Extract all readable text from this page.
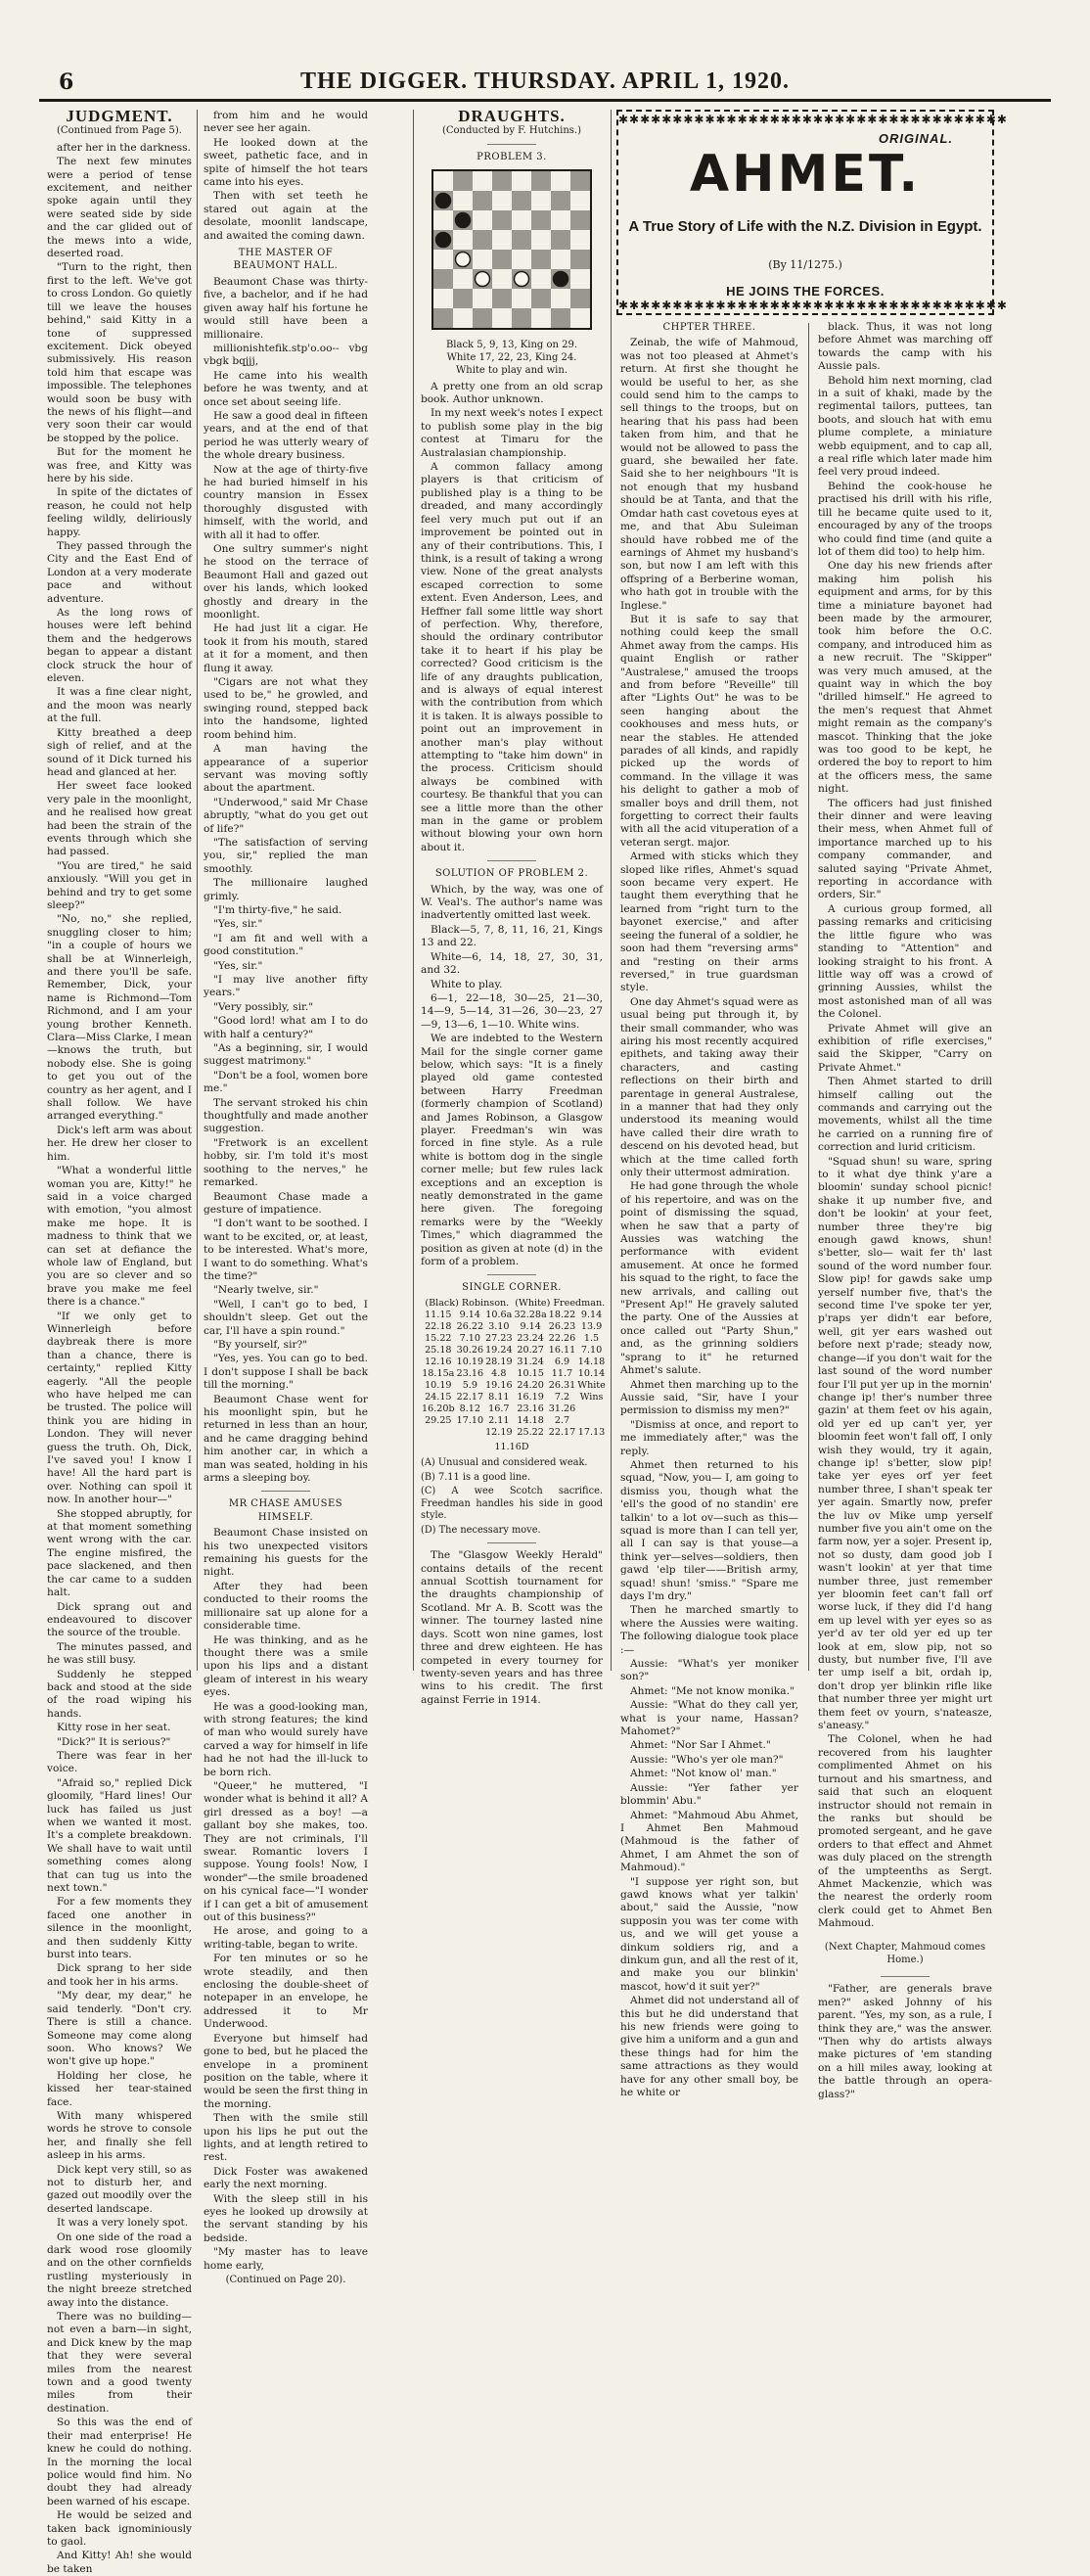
6	THE DIGGER. THURSDAY. APRIL 1, 1920.
JUDGMENT.
(Continued from Page 5).

after her in the darkness.

The next few minutes were a period of tense excitement, and neither spoke again until they were seated side by side and the car glided out of the mews into a wide, deserted road.

"Turn to the right, then first to the left. We've got to cross London. Go quietly till we leave the houses behind," said Kitty in a tone of suppressed excitement. Dick obeyed submissively. His reason told him that escape was impossible. The telephones would soon be busy with the news of his flight—and very soon their car would be stopped by the police.

But for the moment he was free, and Kitty was here by his side.

In spite of the dictates of reason, he could not help feeling wildly, deliriously happy.

They passed through the City and the East End of London at a very moderate pace and without adventure.

As the long rows of houses were left behind them and the hedgerows began to appear a distant clock struck the hour of eleven.

It was a fine clear night, and the moon was nearly at the full.

Kitty breathed a deep sigh of relief, and at the sound of it Dick turned his head and glanced at her.

Her sweet face looked very pale in the moonlight, and he realised how great had been the strain of the events through which she had passed.

"You are tired," he said anxiously. "Will you get in behind and try to get some sleep?"

"No, no," she replied, snuggling closer to him; "in a couple of hours we shall be at Winnerleigh, and there you'll be safe. Remember, Dick, your name is Richmond—Tom Richmond, and I am your young brother Kenneth. Clara—Miss Clarke, I mean—knows the truth, but nobody else. She is going to get you out of the country as her agent, and I shall follow. We have arranged everything."

Dick's left arm was about her. He drew her closer to him.

"What a wonderful little woman you are, Kitty!" he said in a voice charged with emotion, "you almost make me hope. It is madness to think that we can set at defiance the whole law of England, but you are so clever and so brave you make me feel there is a chance."

"If we only get to Winnerleigh before daybreak there is more than a chance, there is certainty," replied Kitty eagerly. "All the people who have helped me can be trusted. The police will think you are hiding in London. They will never guess the truth. Oh, Dick, I've saved you! I know I have! All the hard part is over. Nothing can spoil it now. In another hour—"

She stopped abruptly, for at that moment something went wrong with the car. The engine misfired, the pace slackened, and then the car came to a sudden halt.

Dick sprang out and endeavoured to discover the source of the trouble.

The minutes passed, and he was still busy.

Suddenly he stepped back and stood at the side of the road wiping his hands.

Kitty rose in her seat.

"Dick?" It is serious?"

There was fear in her voice.

"Afraid so," replied Dick gloomily, "Hard lines! Our luck has failed us just when we wanted it most. It's a complete breakdown. We shall have to wait until something comes along that can tug us into the next town."

For a few moments they faced one another in silence in the moonlight, and then suddenly Kitty burst into tears.

Dick sprang to her side and took her in his arms.

"My dear, my dear," he said tenderly. "Don't cry. There is still a chance. Someone may come along soon. Who knows? We won't give up hope."

Holding her close, he kissed her tear-stained face.

With many whispered words he strove to console her, and finally she fell asleep in his arms.

Dick kept very still, so as not to disturb her, and gazed out moodily over the deserted landscape.

It was a very lonely spot.

On one side of the road a dark wood rose gloomily and on the other cornfields rustling mysteriously in the night breeze stretched away into the distance.

There was no building—not even a barn—in sight, and Dick knew by the map that they were several miles from the nearest town and a good twenty miles from their destination.

So this was the end of their mad enterprise! He knew he could do nothing. In the morning the local police would find him. No doubt they had already been warned of his escape.

He would be seized and taken back ignominiously to gaol.

And Kitty! Ah! she would be taken

from him and he would never see her again.

He looked down at the sweet, pathetic face, and in spite of himself the hot tears came into his eyes.

Then with set teeth he stared out again at the desolate, moonlit landscape, and awaited the coming dawn.

THE MASTER OF BEAUMONT HALL.

Beaumont Chase was thirty-five, a bachelor, and if he had given away half his fortune he would still have been a millionaire.

millionishtefik.stp'o.oo-- vbg vbgk bqjjj,

He came into his wealth before he was twenty, and at once set about seeing life.

He saw a good deal in fifteen years, and at the end of that period he was utterly weary of the whole dreary business.

Now at the age of thirty-five he had buried himself in his country mansion in Essex thoroughly disgusted with himself, with the world, and with all it had to offer.

One sultry summer's night he stood on the terrace of Beaumont Hall and gazed out over his lands, which looked ghostly and dreary in the moonlight.

He had just lit a cigar. He took it from his mouth, stared at it for a moment, and then flung it away.

"Cigars are not what they used to be," he growled, and swinging round, stepped back into the handsome, lighted room behind him.

A man having the appearance of a superior servant was moving softly about the apartment.

"Underwood," said Mr Chase abruptly, "what do you get out of life?"

"The satisfaction of serving you, sir," replied the man smoothly.

The millionaire laughed grimly.

"I'm thirty-five," he said.

"Yes, sir."

"I am fit and well with a good constitution."

"Yes, sir."

"I may live another fifty years."

"Very possibly, sir."

"Good lord! what am I to do with half a century?"

"As a beginning, sir, I would suggest matrimony."

"Don't be a fool, women bore me."

The servant stroked his chin thoughtfully and made another suggestion.

"Fretwork is an excellent hobby, sir. I'm told it's most soothing to the nerves," he remarked.

Beaumont Chase made a gesture of impatience.

"I don't want to be soothed. I want to be excited, or, at least, to be interested. What's more, I want to do something. What's the time?"

"Nearly twelve, sir."

"Well, I can't go to bed, I shouldn't sleep. Get out the car, I'll have a spin round."

"By yourself, sir?"

"Yes, yes. You can go to bed. I don't suppose I shall be back till the morning."

Beaumont Chase went for his moonlight spin, but he returned in less than an hour, and he came dragging behind him another car, in which a man was seated, holding in his arms a sleeping boy.

MR CHASE AMUSES HIMSELF.

Beaumont Chase insisted on his two unexpected visitors remaining his guests for the night.

After they had been conducted to their rooms the millionaire sat up alone for a considerable time.

He was thinking, and as he thought there was a smile upon his lips and a distant gleam of interest in his weary eyes.

He was a good-looking man, with strong features; the kind of man who would surely have carved a way for himself in life had he not had the ill-luck to be born rich.

"Queer," he muttered, "I wonder what is behind it all? A girl dressed as a boy! —a gallant boy she makes, too. They are not criminals, I'll swear. Romantic lovers I suppose. Young fools! Now, I wonder"—the smile broadened on his cynical face—"I wonder if I can get a bit of amusement out of this business?"

He arose, and going to a writing-table, began to write.

For ten minutes or so he wrote steadily, and then enclosing the double-sheet of notepaper in an envelope, he addressed it to Mr Underwood.

Everyone but himself had gone to bed, but he placed the envelope in a prominent position on the table, where it would be seen the first thing in the morning.

Then with the smile still upon his lips he put out the lights, and at length retired to rest.

Dick Foster was awakened early the next morning.

With the sleep still in his eyes he looked up drowsily at the servant standing by his bedside.

"My master has to leave home early,

(Continued on Page 20).
DRAUGHTS.
(Conducted by F. Hutchins.)
PROBLEM 3.
Black 5, 9, 13, King on 29.
White 17, 22, 23, King 24.
White to play and win.

A pretty one from an old scrap book. Author unknown.

In my next week's notes I expect to publish some play in the big contest at Timaru for the Australasian championship.

A common fallacy among players is that criticism of published play is a thing to be dreaded, and many accordingly feel very much put out if an improvement be pointed out in any of their contributions. This, I think, is a result of taking a wrong view. None of the great analysts escaped correction to some extent. Even Anderson, Lees, and Heffner fall some little way short of perfection. Why, therefore, should the ordinary contributor take it to heart if his play be corrected? Good criticism is the life of any draughts publication, and is always of equal interest with the contribution from which it is taken. It is always possible to point out an improvement in another man's play without attempting to "take him down" in the process. Criticism should always be combined with courtesy. Be thankful that you can see a little more than the other man in the game or problem without blowing your own horn about it.

SOLUTION OF PROBLEM 2.

Which, by the way, was one of W. Veal's. The author's name was inadvertently omitted last week.

Black—5, 7, 8, 11, 16, 21, Kings 13 and 22.

White—6, 14, 18, 27, 30, 31, and 32.

White to play.

6—1, 22—18, 30—25, 21—30, 14—9, 5—14, 31—26, 30—23, 27—9, 13—6, 1—10. White wins.

We are indebted to the Western Mail for the single corner game below, which says: "It is a finely played old game contested between Harry Freedman (formerly champion of Scotland) and James Robinson, a Glasgow player. Freedman's win was forced in fine style. As a rule white is bottom dog in the single corner melle; but few rules lack exceptions and an exception is neatly demonstrated in the game here given. The foregoing remarks were by the "Weekly Times," which diagrammed the position as given at note (d) in the form of a problem.

SINGLE CORNER.
(Black) Robinson.			(White) Freedman.		
11.15	9.14	10.6a	32.28a	18.22	9.14
22.18	26.22	3.10	9.14	26.23	13.9
15.22	7.10	27.23	23.24	22.26	1.5
25.18	30.26	19.24	20.27	16.11	7.10
12.16	10.19	28.19	31.24	6.9	14.18
18.15a	23.16	4.8	10.15	11.7	10.14
10.19	5.9	19.16	24.20	26.31	White
24.15	22.17	8.11	16.19	7.2	Wins
16.20b	8.12	16.7	23.16	31.26	
29.25	17.10	2.11	14.18	2.7	
		12.19	25.22	22.17	17.13
11.16D
(A) Unusual and considered weak.
(B) 7.11 is a good line.
(C) A wee Scotch sacrifice. Freedman handles his side in good style.
(D) The necessary move.

The "Glasgow Weekly Herald" contains details of the recent annual Scottish tournament for the draughts championship of Scotland. Mr A. B. Scott was the winner. The tourney lasted nine days. Scott won nine games, lost three and drew eighteen. He has competed in every tourney for twenty-seven years and has three wins to his credit. The first against Ferrie in 1914.

✱✱✱✱✱✱✱✱✱✱✱✱✱✱✱✱✱✱✱✱✱✱✱✱✱✱✱✱✱✱✱✱✱✱✱✱
ORIGINAL.
AHMET.
A True Story of Life with the N.Z. Division in Egypt.
(By 11/1275.)
HE JOINS THE FORCES.
✱✱✱✱✱✱✱✱✱✱✱✱✱✱✱✱✱✱✱✱✱✱✱✱✱✱✱✱✱✱✱✱✱✱✱✱
CHPTER THREE.

Zeinab, the wife of Mahmoud, was not too pleased at Ahmet's return. At first she thought he would be useful to her, as she could send him to the camps to sell things to the troops, but on hearing that his pass had been taken from him, and that he would not be allowed to pass the guard, she bewailed her fate. Said she to her neighbours "It is not enough that my husband should be at Tanta, and that the Omdar hath cast covetous eyes at me, and that Abu Suleiman should have robbed me of the earnings of Ahmet my husband's son, but now I am left with this offspring of a Berberine woman, who hath got in trouble with the Inglese."

But it is safe to say that nothing could keep the small Ahmet away from the camps. His quaint English or rather "Australese," amused the troops and from before "Reveille" till after "Lights Out" he was to be seen hanging about the cookhouses and mess huts, or near the stables. He attended parades of all kinds, and rapidly picked up the words of command. In the village it was his delight to gather a mob of smaller boys and drill them, not forgetting to correct their faults with all the acid vituperation of a veteran sergt. major.

Armed with sticks which they sloped like rifles, Ahmet's squad soon became very expert. He taught them everything that he learned from "right turn to the bayonet exercise," and after seeing the funeral of a soldier, he soon had them "reversing arms" and "resting on their arms reversed," in true guardsman style.

One day Ahmet's squad were as usual being put through it, by their small commander, who was airing his most recently acquired epithets, and taking away their characters, and casting reflections on their birth and parentage in general Australese, in a manner that had they only understood its meaning would have called their dire wrath to descend on his devoted head, but which at the time called forth only their uttermost admiration.

He had gone through the whole of his repertoire, and was on the point of dismissing the squad, when he saw that a party of Aussies was watching the performance with evident amusement. At once he formed his squad to the right, to face the new arrivals, and calling out "Present Ap!" He gravely saluted the party. One of the Aussies at once called out "Party Shun," and, as the grinning soldiers "sprang to it" he returned Ahmet's salute.

Ahmet then marching up to the Aussie said, "Sir, have I your permission to dismiss my men?"

"Dismiss at once, and report to me immediately after," was the reply.

Ahmet then returned to his squad, "Now, you— I, am going to dismiss you, though what the 'ell's the good of no standin' ere talkin' to a lot ov—such as this—squad is more than I can tell yer, all I can say is that youse—a think yer—selves—soldiers, then gawd 'elp tiler——British army, squad! shun! 'smiss." "Spare me days I'm dry."

Then he marched smartly to where the Aussies were waiting. The following dialogue took place :—

Aussie: "What's yer moniker son?"

Ahmet: "Me not know monika."

Aussie: "What do they call yer, what is your name, Hassan? Mahomet?"

Ahmet: "Nor Sar I Ahmet."

Aussie: "Who's yer ole man?"

Ahmet: "Not know ol' man."

Aussie: "Yer father yer blommin' Abu."

Ahmet: "Mahmoud Abu Ahmet, I Ahmet Ben Mahmoud (Mahmoud is the father of Ahmet, I am Ahmet the son of Mahmoud)."

"I suppose yer right son, but gawd knows what yer talkin' about," said the Aussie, "now supposin you was ter come with us, and we will get youse a dinkum soldiers rig, and a dinkum gun, and all the rest of it, and make you our blinkin' mascot, how'd it suit yer?"

Ahmet did not understand all of this but he did understand that his new friends were going to give him a uniform and a gun and these things had for him the same attractions as they would have for any other small boy, be he white or

black. Thus, it was not long before Ahmet was marching off towards the camp with his Aussie pals.

Behold him next morning, clad in a suit of khaki, made by the regimental tailors, puttees, tan boots, and slouch hat with emu plume complete, a miniature webb equipment, and to cap all, a real rifle which later made him feel very proud indeed.

Behind the cook-house he practised his drill with his rifle, till he became quite used to it, encouraged by any of the troops who could find time (and quite a lot of them did too) to help him.

One day his new friends after making him polish his equipment and arms, for by this time a miniature bayonet had been made by the armourer, took him before the O.C. company, and introduced him as a new recruit. The "Skipper" was very much amused, at the quaint way in which the boy "drilled himself." He agreed to the men's request that Ahmet might remain as the company's mascot. Thinking that the joke was too good to be kept, he ordered the boy to report to him at the officers mess, the same night.

The officers had just finished their dinner and were leaving their mess, when Ahmet full of importance marched up to his company commander, and saluted saying "Private Ahmet, reporting in accordance with orders, Sir."

A curious group formed, all passing remarks and criticising the little figure who was standing to "Attention" and looking straight to his front. A little way off was a crowd of grinning Aussies, whilst the most astonished man of all was the Colonel.

Private Ahmet will give an exhibition of rifle exercises," said the Skipper, "Carry on Private Ahmet."

Then Ahmet started to drill himself calling out the commands and carrying out the movements, whilst all the time he carried on a running fire of correction and lurid criticism.

"Squad shun! su ware, spring to it what dye think y'are a bloomin' sunday school picnic! shake it up number five, and don't be lookin' at your feet, number three they're big enough gawd knows, shun! s'better, slo— wait fer th' last sound of the word number four. Slow pip! for gawds sake ump yerself number five, that's the second time I've spoke ter yer, p'raps yer didn't ear before, well, git yer ears washed out before next p'rade; steady now, change—if you don't wait for the last sound of the word number four I'll put yer up in the mornin' change ip! ther's number three gazin' at them feet ov his again, old yer ed up can't yer, yer bloomin feet won't fall off, I only wish they would, try it again, change ip! s'better, slow pip! take yer eyes orf yer feet number three, I shan't speak ter yer again. Smartly now, prefer the luv ov Mike ump yerself number five you ain't ome on the farm now, yer a sojer. Present ip, not so dusty, dam good job I wasn't lookin' at yer that time number three, just remember yer bloomin feet can't fall orf worse luck, if they did I'd hang em up level with yer eyes so as yer'd av ter old yer ed up ter look at em, slow pip, not so dusty, but number five, I'll ave ter ump iself a bit, ordah ip, don't drop yer blinkin rifle like that number three yer might urt them feet ov yourn, s'nateasze, s'aneasy."

The Colonel, when he had recovered from his laughter complimented Ahmet on his turnout and his smartness, and said that such an eloquent instructor should not remain in the ranks but should be promoted sergeant, and he gave orders to that effect and Ahmet was duly placed on the strength of the umpteenths as Sergt. Ahmet Mackenzie, which was the nearest the orderly room clerk could get to Ahmet Ben Mahmoud.

(Next Chapter, Mahmoud comes Home.)

"Father, are generals brave men?" asked Johnny of his parent. "Yes, my son, as a rule, I think they are," was the answer. "Then why do artists always make pictures of 'em standing on a hill miles away, looking at the battle through an opera-glass?"
